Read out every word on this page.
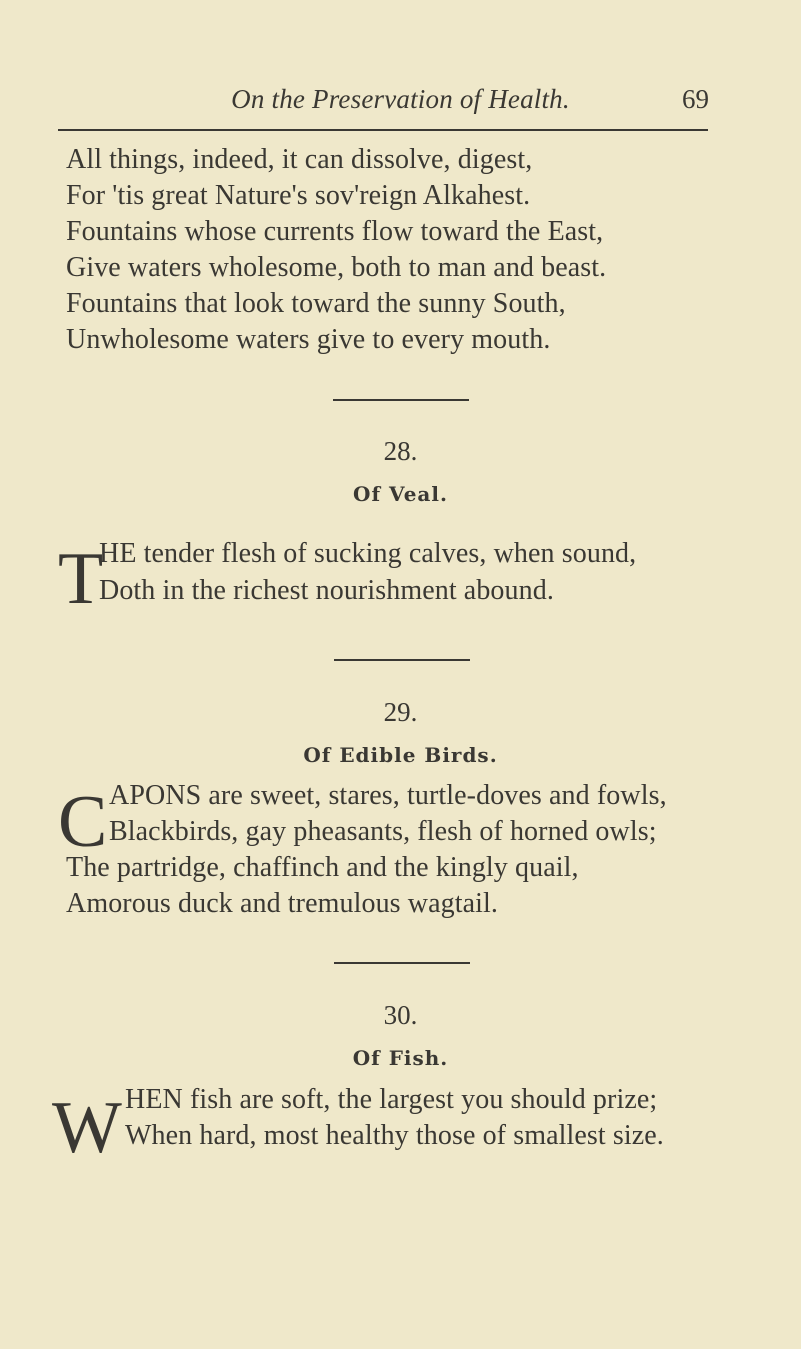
On the Preservation of Health.	69
All things, indeed, it can dissolve, digest,
For 'tis great Nature's sov'reign Alkahest.
Fountains whose currents flow toward the East,
Give waters wholesome, both to man and beast.
Fountains that look toward the sunny South,
Unwholesome waters give to every mouth.
28.
Of Veal.
T
HE tender flesh of sucking calves, when sound,
Doth in the richest nourishment abound.
29.
Of Edible Birds.
C APONS are sweet, stares, turtle-doves and fowls,
Blackbirds, gay pheasants, flesh of horned owls;
The partridge, chaffinch and the kingly quail,
Amorous duck and tremulous wagtail.
30.
Of Fish.
W HEN fish are soft, the largest you should prize;
When hard, most healthy those of smallest size.
